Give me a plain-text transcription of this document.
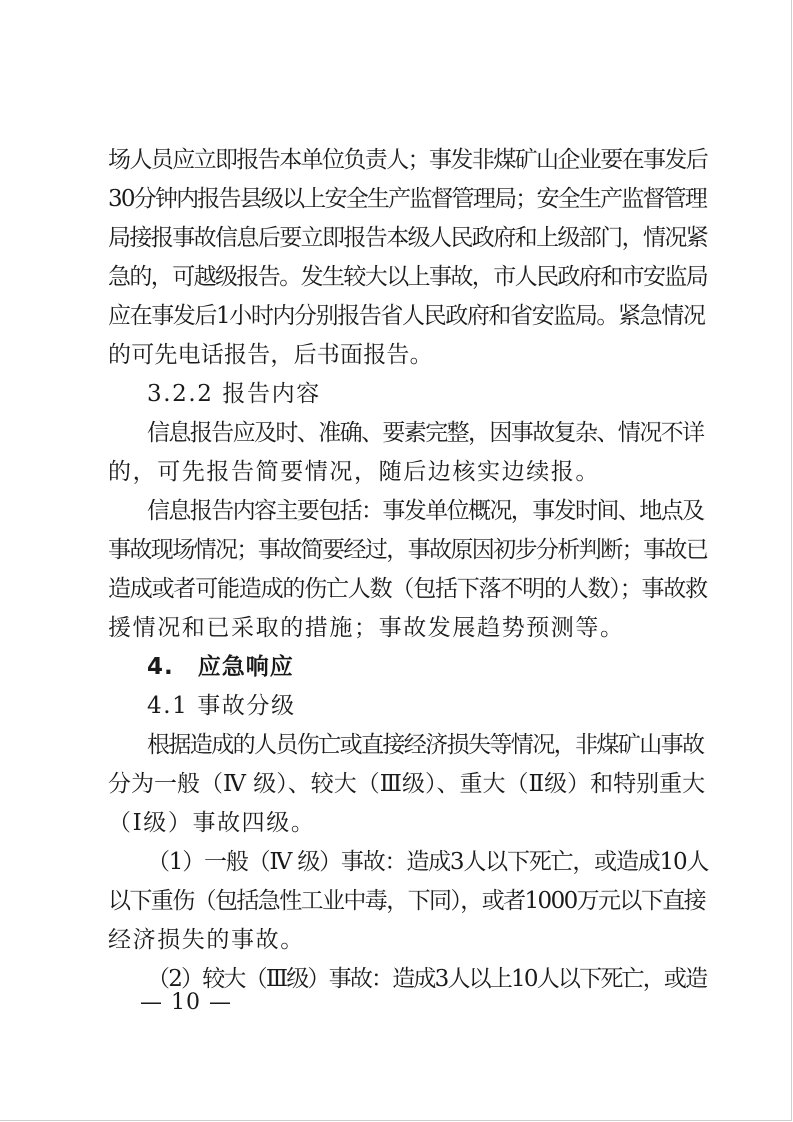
场人员应立即报告本单位负责人；事发非煤矿山企业要在事发后
30分钟内报告县级以上安全生产监督管理局；安全生产监督管理
局接报事故信息后要立即报告本级人民政府和上级部门，情况紧
急的，可越级报告。发生较大以上事故，市人民政府和市安监局
应在事发后1小时内分别报告省人民政府和省安监局。紧急情况
的可先电话报告，后书面报告。
3.2.2 报告内容
信息报告应及时、准确、要素完整，因事故复杂、情况不详
的，可先报告简要情况，随后边核实边续报。
信息报告内容主要包括：事发单位概况，事发时间、地点及
事故现场情况；事故简要经过，事故原因初步分析判断；事故已
造成或者可能造成的伤亡人数（包括下落不明的人数）；事故救
援情况和已采取的措施；事故发展趋势预测等。
4.　应急响应
4.1 事故分级
根据造成的人员伤亡或直接经济损失等情况，非煤矿山事故
分为一般（Ⅳ 级）、较大（Ⅲ级）、重大（Ⅱ级）和特别重大
（Ⅰ级）事故四级。
（1）一般（Ⅳ 级）事故：造成3人以下死亡，或造成10人
以下重伤（包括急性工业中毒，下同），或者1000万元以下直接
经济损失的事故。
（2）较大（Ⅲ级）事故：造成3人以上10人以下死亡，或造
— 10 —
